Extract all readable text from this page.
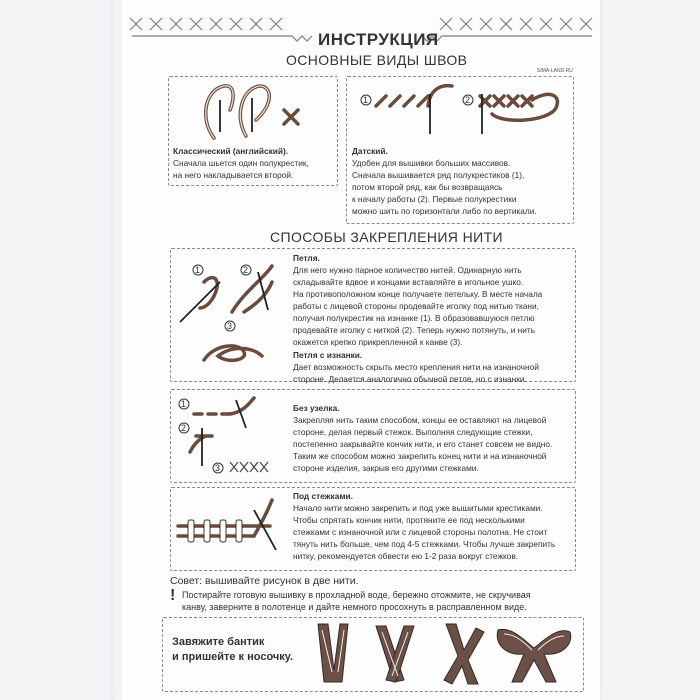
ИНСТРУКЦИЯ
ОСНОВНЫЕ ВИДЫ ШВОВ
SIMA-LAND.RU
Классический (английский).
Сначала шьется один полукрестик,
на него накладывается второй.
1	2
Датский.
Удобен для вышивки больших массивов.
Сначала вышивается ряд полукрестиков (1),
потом второй ряд, как бы возвращаясь
к началу работы (2). Первые полукрестики
можно шить по горизонтали либо по вертикали.
СПОСОБЫ ЗАКРЕПЛЕНИЯ НИТИ
1	2
3
Петля.
Для него нужно парное количество нитей. Одинарную нить
складывайте вдвое и концами вставляйте в игольное ушко.
На противоположном конце получаете петельку. В месте начала
работы с лицевой стороны продевайте иголку под нитью ткани,
получая полукрестик на изнанке (1). В образовавшуюся петлю
продевайте иголку с ниткой (2). Теперь нужно потянуть, и нить
окажется крепко прикрепленной к канве (3).
Петля с изнанки.
Дает возможность скрыть место крепления нити на изнаночной
стороне. Делается аналогично обычной петле, но с изнанки.
1
2
3
Без узелка.
Закрепляя нить таким способом, концы ее оставляют на лицевой
стороне, делая первый стежок. Выполняя следующие стежки,
постепенно закрывайте кончик нити, и его станет совсем не видно.
Таким же способом можно закрепить конец нити и на изнаночной
стороне изделия, закрыв его другими стежками.
Под стежками.
Начало нити можно закрепить и под уже вышитыми крестиками.
Чтобы спрятать кончик нити, протяните ее под несколькими
стежками с изнаночной или с лицевой стороны полотна. Не стоит
тянуть нить больше, чем под 4-5 стежками. Чтобы лучше закрепить
нитку, рекомендуется обвести ею 1-2 раза вокруг стежков.
Совет: вышивайте рисунок в две нити.
! Постирайте готовую вышивку в прохладной воде, бережно отожмите, не скручивая
канву, заверните в полотенце и дайте немного просохнуть в расправленном виде.
Завяжите бантик
и пришейте к носочку.
